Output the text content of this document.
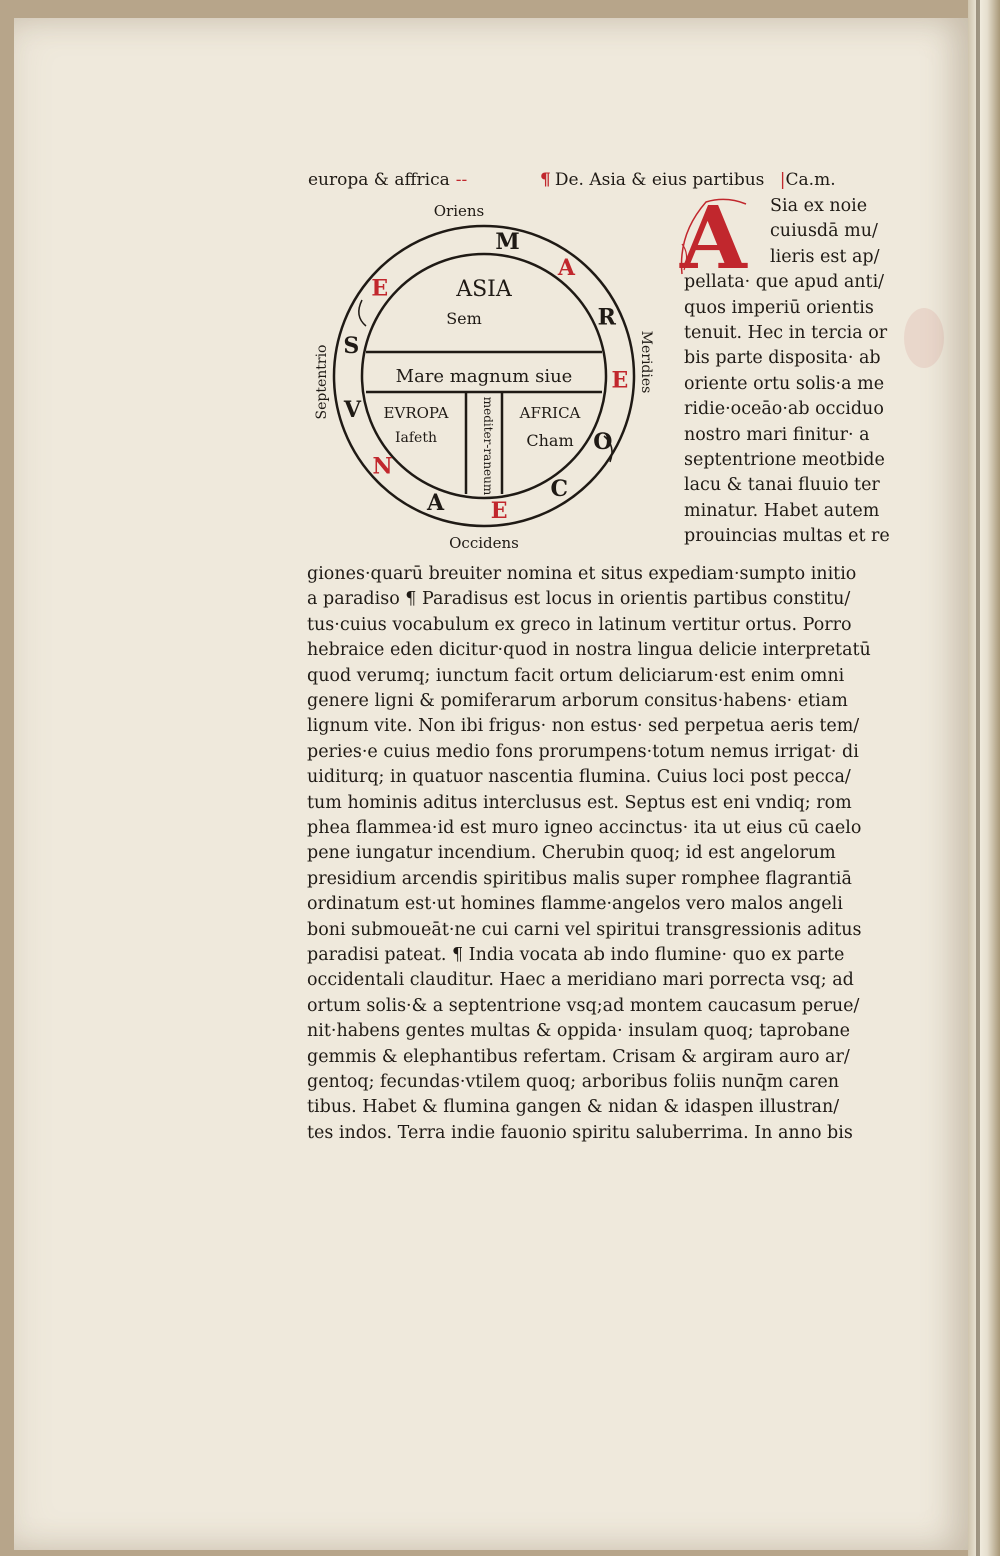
europa & affrica --	¶ De. Asia & eius partibus |Ca.m.
Oriens
Occidens
Septentrio	Meridies
ASIA
Sem
Mare magnum siue
EVROPA
Iafeth
AFRICA
Cham
mediter-raneum
M
A
R
E
O
C
E
A
N
V
S
E	A Sia ex noie
cuiusdā mu/
lieris est ap/
pellata· que apud anti/
quos imperiū orientis
tenuit. Hec in tercia or
bis parte disposita· ab
oriente ortu solis·a me
ridie·oceāo·ab occiduo
nostro mari finitur· a
septentrione meotbide
lacu & tanai fluuio ter
minatur. Habet autem
prouincias multas et re
giones·quarū breuiter nomina et situs expediam·sumpto initio
a paradiso ¶ Paradisus est locus in orientis partibus constitu/
tus·cuius vocabulum ex greco in latinum vertitur ortus. Porro
hebraice eden dicitur·quod in nostra lingua delicie interpretatū
quod verumq; iunctum facit ortum deliciarum·est enim omni
genere ligni & pomiferarum arborum consitus·habens· etiam
lignum vite. Non ibi frigus· non estus· sed perpetua aeris tem/
peries·e cuius medio fons prorumpens·totum nemus irrigat· di
uiditurq; in quatuor nascentia flumina. Cuius loci post pecca/
tum hominis aditus interclusus est. Septus est eni vndiq; rom
phea flammea·id est muro igneo accinctus· ita ut eius cū caelo
pene iungatur incendium. Cherubin quoq; id est angelorum
presidium arcendis spiritibus malis super romphee flagrantiā
ordinatum est·ut homines flamme·angelos vero malos angeli
boni submoueāt·ne cui carni vel spiritui transgressionis aditus
paradisi pateat. ¶ India vocata ab indo flumine· quo ex parte
occidentali clauditur. Haec a meridiano mari porrecta vsq; ad
ortum solis·& a septentrione vsq;ad montem caucasum perue/
nit·habens gentes multas & oppida· insulam quoq; taprobane
gemmis & elephantibus refertam. Crisam & argiram auro ar/
gentoq; fecundas·vtilem quoq; arboribus foliis nunq̄m caren
tibus. Habet & flumina gangen & nidan & idaspen illustran/
tes indos. Terra indie fauonio spiritu saluberrima. In anno bis
